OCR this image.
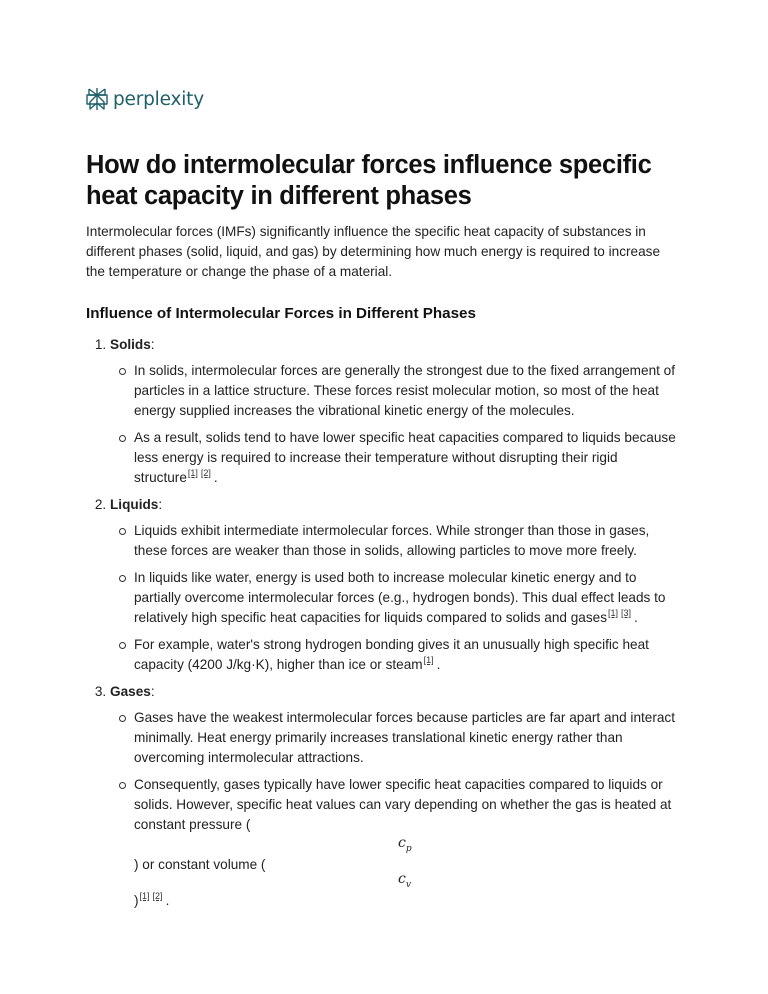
perplexity
How do intermolecular forces influence specific heat capacity in different phases

Intermolecular forces (IMFs) significantly influence the specific heat capacity of substances in different phases (solid, liquid, and gas) by determining how much energy is required to increase the temperature or change the phase of a material.

Influence of Intermolecular Forces in Different Phases
1. Solids:
In solids, intermolecular forces are generally the strongest due to the fixed arrangement of particles in a lattice structure. These forces resist molecular motion, so most of the heat energy supplied increases the vibrational kinetic energy of the molecules.
As a result, solids tend to have lower specific heat capacities compared to liquids because less energy is required to increase their temperature without disrupting their rigid structure[1] [2] .
2. Liquids:
Liquids exhibit intermediate intermolecular forces. While stronger than those in gases, these forces are weaker than those in solids, allowing particles to move more freely.
In liquids like water, energy is used both to increase molecular kinetic energy and to partially overcome intermolecular forces (e.g., hydrogen bonds). This dual effect leads to relatively high specific heat capacities for liquids compared to solids and gases[1] [3] .
For example, water's strong hydrogen bonding gives it an unusually high specific heat capacity (4200 J/kg·K), higher than ice or steam[1] .
3. Gases:
Gases have the weakest intermolecular forces because particles are far apart and interact minimally. Heat energy primarily increases translational kinetic energy rather than overcoming intermolecular attractions.
Consequently, gases typically have lower specific heat capacities compared to liquids or solids. However, specific heat values can vary depending on whether the gas is heated at constant pressure (
$c_p$
) or constant volume (
$c_v$
)[1] [2] .
